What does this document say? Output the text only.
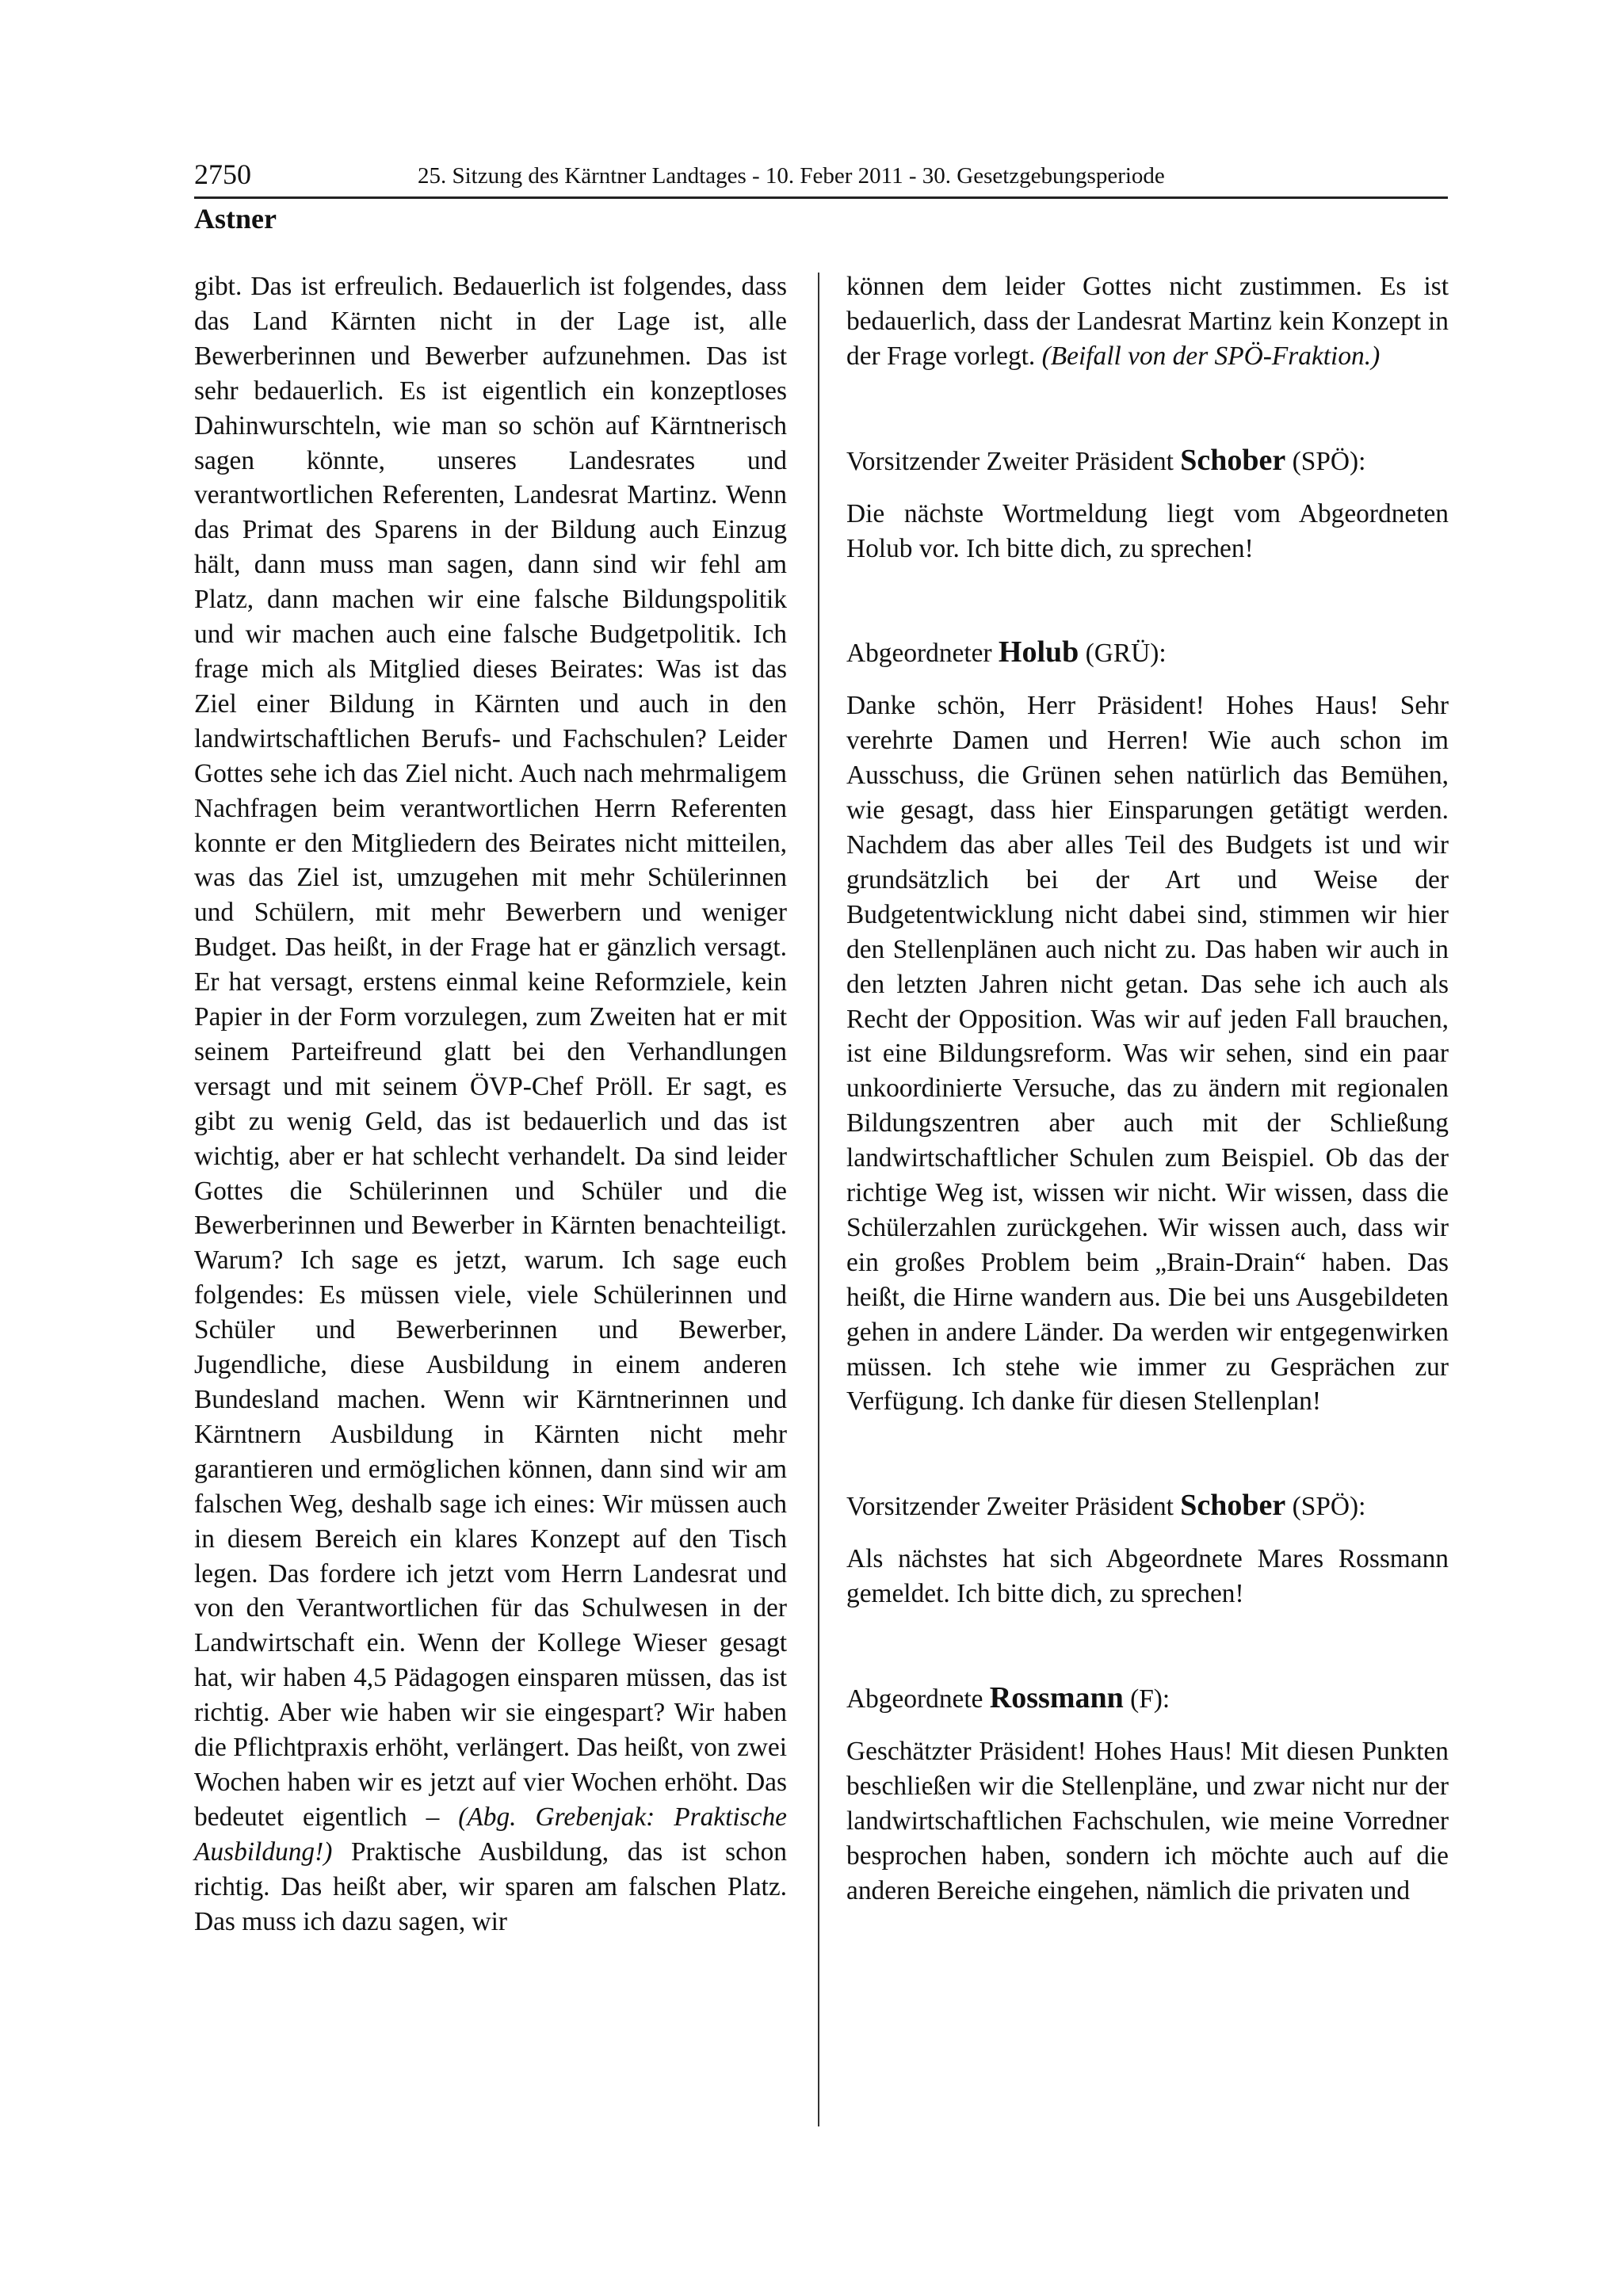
2750	25. Sitzung des Kärntner Landtages - 10. Feber 2011 - 30. Gesetzgebungsperiode
Astner

gibt. Das ist erfreulich. Bedauerlich ist folgendes, dass das Land Kärnten nicht in der Lage ist, alle Bewerberinnen und Bewerber aufzunehmen. Das ist sehr bedauerlich. Es ist eigentlich ein konzeptloses Dahinwurschteln, wie man so schön auf Kärntnerisch sagen könnte, unseres Landesrates und verantwortlichen Referenten, Landesrat Martinz. Wenn das Primat des Sparens in der Bildung auch Einzug hält, dann muss man sagen, dann sind wir fehl am Platz, dann machen wir eine falsche Bildungspolitik und wir machen auch eine falsche Budgetpolitik. Ich frage mich als Mitglied dieses Beirates: Was ist das Ziel einer Bildung in Kärnten und auch in den landwirtschaftlichen Berufs- und Fachschulen? Leider Gottes sehe ich das Ziel nicht. Auch nach mehrmaligem Nachfragen beim verantwortlichen Herrn Referenten konnte er den Mitgliedern des Beirates nicht mitteilen, was das Ziel ist, umzugehen mit mehr Schülerinnen und Schülern, mit mehr Bewerbern und weniger Budget. Das heißt, in der Frage hat er gänzlich versagt. Er hat versagt, erstens einmal keine Reformziele, kein Papier in der Form vorzulegen, zum Zweiten hat er mit seinem Parteifreund glatt bei den Verhandlungen versagt und mit seinem ÖVP-Chef Pröll. Er sagt, es gibt zu wenig Geld, das ist bedauerlich und das ist wichtig, aber er hat schlecht verhandelt. Da sind leider Gottes die Schülerinnen und Schüler und die Bewerberinnen und Bewerber in Kärnten benachteiligt. Warum? Ich sage es jetzt, warum. Ich sage euch folgendes: Es müssen viele, viele Schülerinnen und Schüler und Bewerberinnen und Bewerber, Jugendliche, diese Ausbildung in einem anderen Bundesland machen. Wenn wir Kärntnerinnen und Kärntnern Ausbildung in Kärnten nicht mehr garantieren und ermöglichen können, dann sind wir am falschen Weg, deshalb sage ich eines: Wir müssen auch in diesem Bereich ein klares Konzept auf den Tisch legen. Das fordere ich jetzt vom Herrn Landesrat und von den Verantwortlichen für das Schulwesen in der Landwirtschaft ein. Wenn der Kollege Wieser gesagt hat, wir haben 4,5 Pädagogen einsparen müssen, das ist richtig. Aber wie haben wir sie eingespart? Wir haben die Pflichtpraxis erhöht, verlängert. Das heißt, von zwei Wochen haben wir es jetzt auf vier Wochen erhöht. Das bedeutet eigentlich – (Abg. Grebenjak: Praktische Ausbildung!) Praktische Ausbildung, das ist schon richtig. Das heißt aber, wir sparen am falschen Platz. Das muss ich dazu sagen, wir

können dem leider Gottes nicht zustimmen. Es ist bedauerlich, dass der Landesrat Martinz kein Konzept in der Frage vorlegt. (Beifall von der SPÖ-Fraktion.)

Vorsitzender Zweiter Präsident Schober (SPÖ):

Die nächste Wortmeldung liegt vom Abgeordneten Holub vor. Ich bitte dich, zu sprechen!

Abgeordneter Holub (GRÜ):

Danke schön, Herr Präsident! Hohes Haus! Sehr verehrte Damen und Herren! Wie auch schon im Ausschuss, die Grünen sehen natürlich das Bemühen, wie gesagt, dass hier Einsparungen getätigt werden. Nachdem das aber alles Teil des Budgets ist und wir grundsätzlich bei der Art und Weise der Budgetentwicklung nicht dabei sind, stimmen wir hier den Stellenplänen auch nicht zu. Das haben wir auch in den letzten Jahren nicht getan. Das sehe ich auch als Recht der Opposition. Was wir auf jeden Fall brauchen, ist eine Bildungsreform. Was wir sehen, sind ein paar unkoordinierte Versuche, das zu ändern mit regionalen Bildungszentren aber auch mit der Schließung landwirtschaftlicher Schulen zum Beispiel. Ob das der richtige Weg ist, wissen wir nicht. Wir wissen, dass die Schülerzahlen zurückgehen. Wir wissen auch, dass wir ein großes Problem beim „Brain-Drain“ haben. Das heißt, die Hirne wandern aus. Die bei uns Ausgebildeten gehen in andere Länder. Da werden wir entgegenwirken müssen. Ich stehe wie immer zu Gesprächen zur Verfügung. Ich danke für diesen Stellenplan!

Vorsitzender Zweiter Präsident Schober (SPÖ):

Als nächstes hat sich Abgeordnete Mares Rossmann gemeldet. Ich bitte dich, zu sprechen!

Abgeordnete Rossmann (F):

Geschätzter Präsident! Hohes Haus! Mit diesen Punkten beschließen wir die Stellenpläne, und zwar nicht nur der landwirtschaftlichen Fachschulen, wie meine Vorredner besprochen haben, sondern ich möchte auch auf die anderen Bereiche eingehen, nämlich die privaten und
